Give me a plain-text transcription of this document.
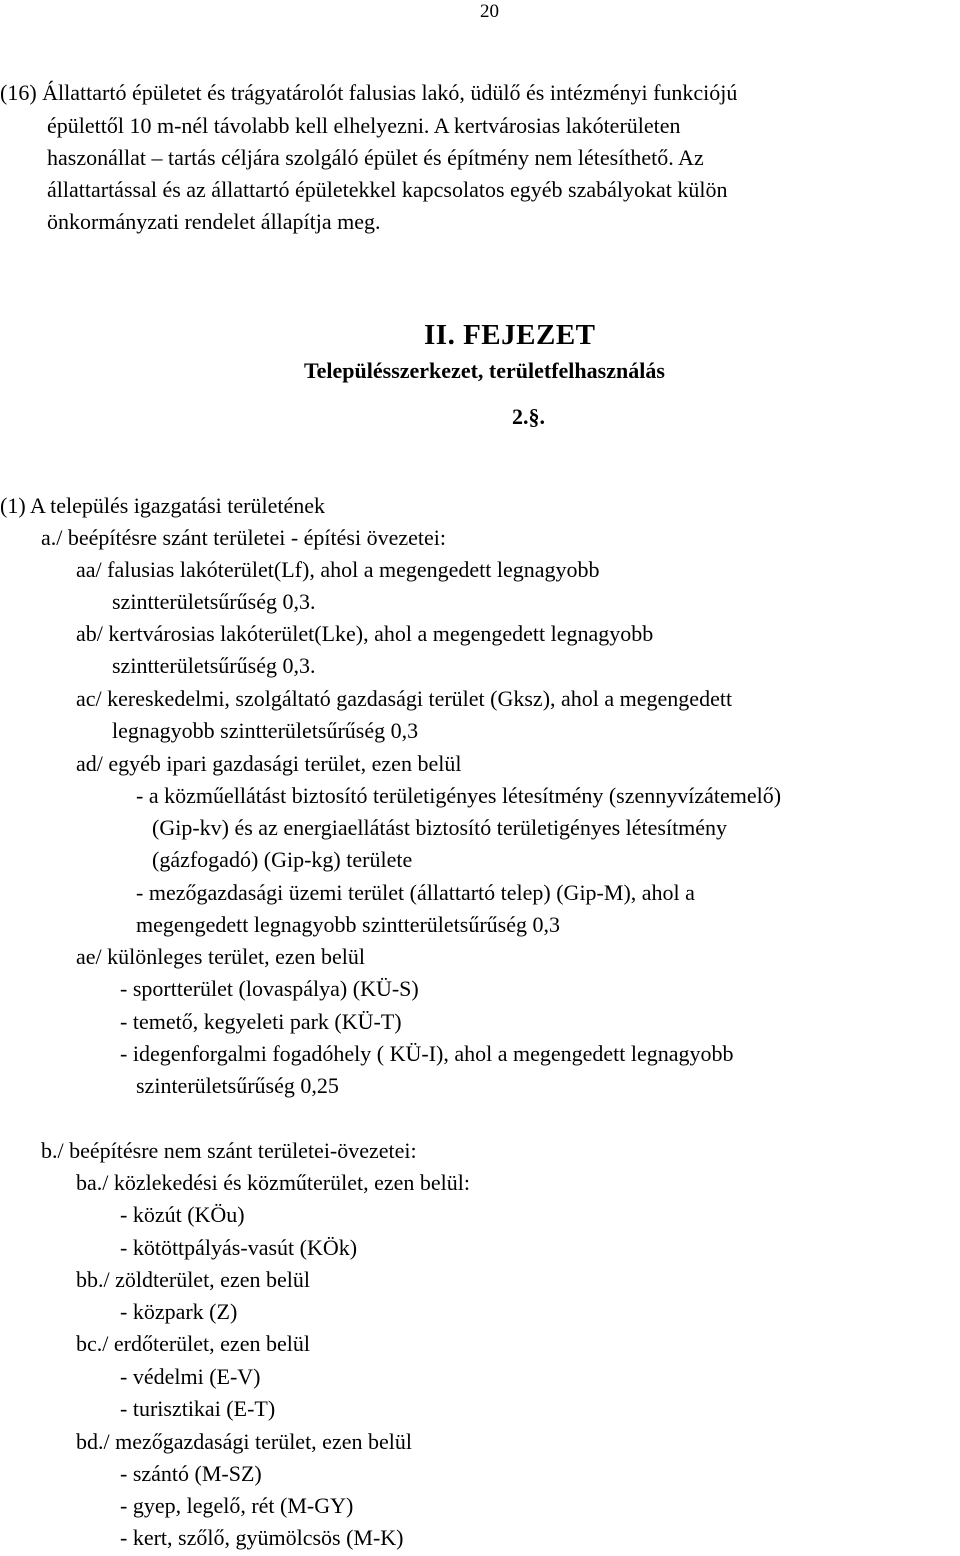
20
(16) Állattartó épületet és trágyatárolót falusias lakó, üdülő és intézményi funkciójú
épülettől 10 m-nél távolabb kell elhelyezni. A kertvárosias lakóterületen
haszonállat – tartás céljára szolgáló épület és építmény nem létesíthető. Az
állattartással és az állattartó épületekkel kapcsolatos egyéb szabályokat külön
önkormányzati rendelet állapítja meg.
II. FEJEZET
Településszerkezet, területfelhasználás
2.§.
(1) A település igazgatási területének
a./ beépítésre szánt területei - építési övezetei:
aa/ falusias lakóterület(Lf), ahol a megengedett legnagyobb
szintterületsűrűség 0,3.
ab/ kertvárosias lakóterület(Lke), ahol a megengedett legnagyobb
szintterületsűrűség 0,3.
ac/ kereskedelmi, szolgáltató gazdasági terület (Gksz), ahol a megengedett
legnagyobb szintterületsűrűség 0,3
ad/ egyéb ipari gazdasági terület, ezen belül
- a közműellátást biztosító területigényes létesítmény (szennyvízátemelő)
(Gip-kv) és az energiaellátást biztosító területigényes létesítmény
(gázfogadó) (Gip-kg) területe
- mezőgazdasági üzemi terület (állattartó telep) (Gip-M), ahol a
megengedett legnagyobb szintterületsűrűség 0,3
ae/ különleges terület, ezen belül
- sportterület (lovaspálya) (KÜ-S)
- temető, kegyeleti park (KÜ-T)
- idegenforgalmi fogadóhely ( KÜ-I), ahol a megengedett legnagyobb
szinterületsűrűség 0,25
b./ beépítésre nem szánt területei-övezetei:
ba./ közlekedési és közműterület, ezen belül:
- közút (KÖu)
- kötöttpályás-vasút (KÖk)
bb./ zöldterület, ezen belül
- közpark (Z)
bc./ erdőterület, ezen belül
- védelmi (E-V)
- turisztikai (E-T)
bd./ mezőgazdasági terület, ezen belül
- szántó (M-SZ)
- gyep, legelő, rét (M-GY)
- kert, szőlő, gyümölcsös (M-K)
